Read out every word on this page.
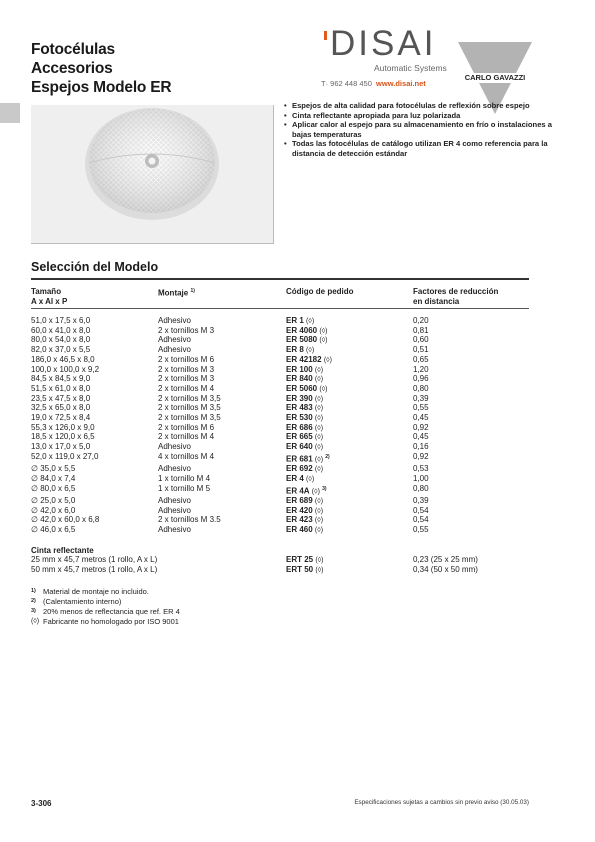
Fotocélulas
Accesorios
Espejos Modelo ER
DISAI
Automatic Systems
T· 962 448 450 www.disai.net
CARLO GAVAZZI
• Espejos de alta calidad para fotocélulas de reflexión sobre espejo
• Cinta reflectante apropiada para luz polarizada
• Aplicar calor al espejo para su almacenamiento en frío o instalaciones a bajas temperaturas
• Todas las fotocélulas de catálogo utilizan ER 4 como referencia para la distancia de detección estándar
Selección del Modelo
Tamaño
A x Al x P
Montaje $^{1)}$	Código de pedido	Factores de reducción
en distancia
51,0 x 17,5 x 6,0	Adhesivo	ER 1 (◊)	0,20
60,0 x 41,0 x 8,0	2 x tornillos M 3	ER 4060 (◊)	0,81
80,0 x 54,0 x 8,0	Adhesivo	ER 5080 (◊)	0,60
82,0 x 37,0 x 5,5	Adhesivo	ER 8 (◊)	0,51
186,0 x 46,5 x 8,0	2 x tornillos M 6	ER 42182 (◊)	0,65
100,0 x 100,0 x 9,2	2 x tornillos M 3	ER 100 (◊)	1,20
84,5 x 84,5 x 9,0	2 x tornillos M 3	ER 840 (◊)	0,96
51,5 x 61,0 x 8,0	2 x tornillos M 4	ER 5060 (◊)	0,80
23,5 x 47,5 x 8,0	2 x tornillos M 3,5	ER 390 (◊)	0,39
32,5 x 65,0 x 8,0	2 x tornillos M 3,5	ER 483 (◊)	0,55
19,0 x 72,5 x 8,4	2 x tornillos M 3,5	ER 530 (◊)	0,45
55,3 x 126,0 x 9,0	2 x tornillos M 6	ER 686 (◊)	0,92
18,5 x 120,0 x 6,5	2 x tornillos M 4	ER 665 (◊)	0,45
13,0 x 17,0 x 5,0	Adhesivo	ER 640 (◊)	0,16
52,0 x 119,0 x 27,0	4 x tornillos M 4	ER 681 (◊) $^{2)}$	0,92
∅ 35,0 x 5,5	Adhesivo	ER 692 (◊)	0,53
∅ 84,0 x 7,4	1 x tornillo M 4	ER 4 (◊)	1,00
∅ 80,0 x 6,5	1 x tornillo M 5	ER 4A (◊) $^{3)}$	0,80
∅ 25,0 x 5,0	Adhesivo	ER 689 (◊)	0,39
∅ 42,0 x 6,0	Adhesivo	ER 420 (◊)	0,54
∅ 42,0 x 60,0 x 6,8	2 x tornillos M 3.5	ER 423 (◊)	0,54
∅ 46,0 x 6,5	Adhesivo	ER 460 (◊)	0,55
Cinta reflectante
25 mm x 45,7 metros (1 rollo, A x L)	ERT 25 (◊)	0,23 (25 x 25 mm)
50 mm x 45,7 metros (1 rollo, A x L)	ERT 50 (◊)	0,34 (50 x 50 mm)
1) Material de montaje no incluido.
2) (Calentamiento interno)
3) 20% menos de reflectancia que ref. ER 4
(◊) Fabricante no homologado por ISO 9001
3-306	Especificaciones sujetas a cambios sin previo aviso (30.05.03)
